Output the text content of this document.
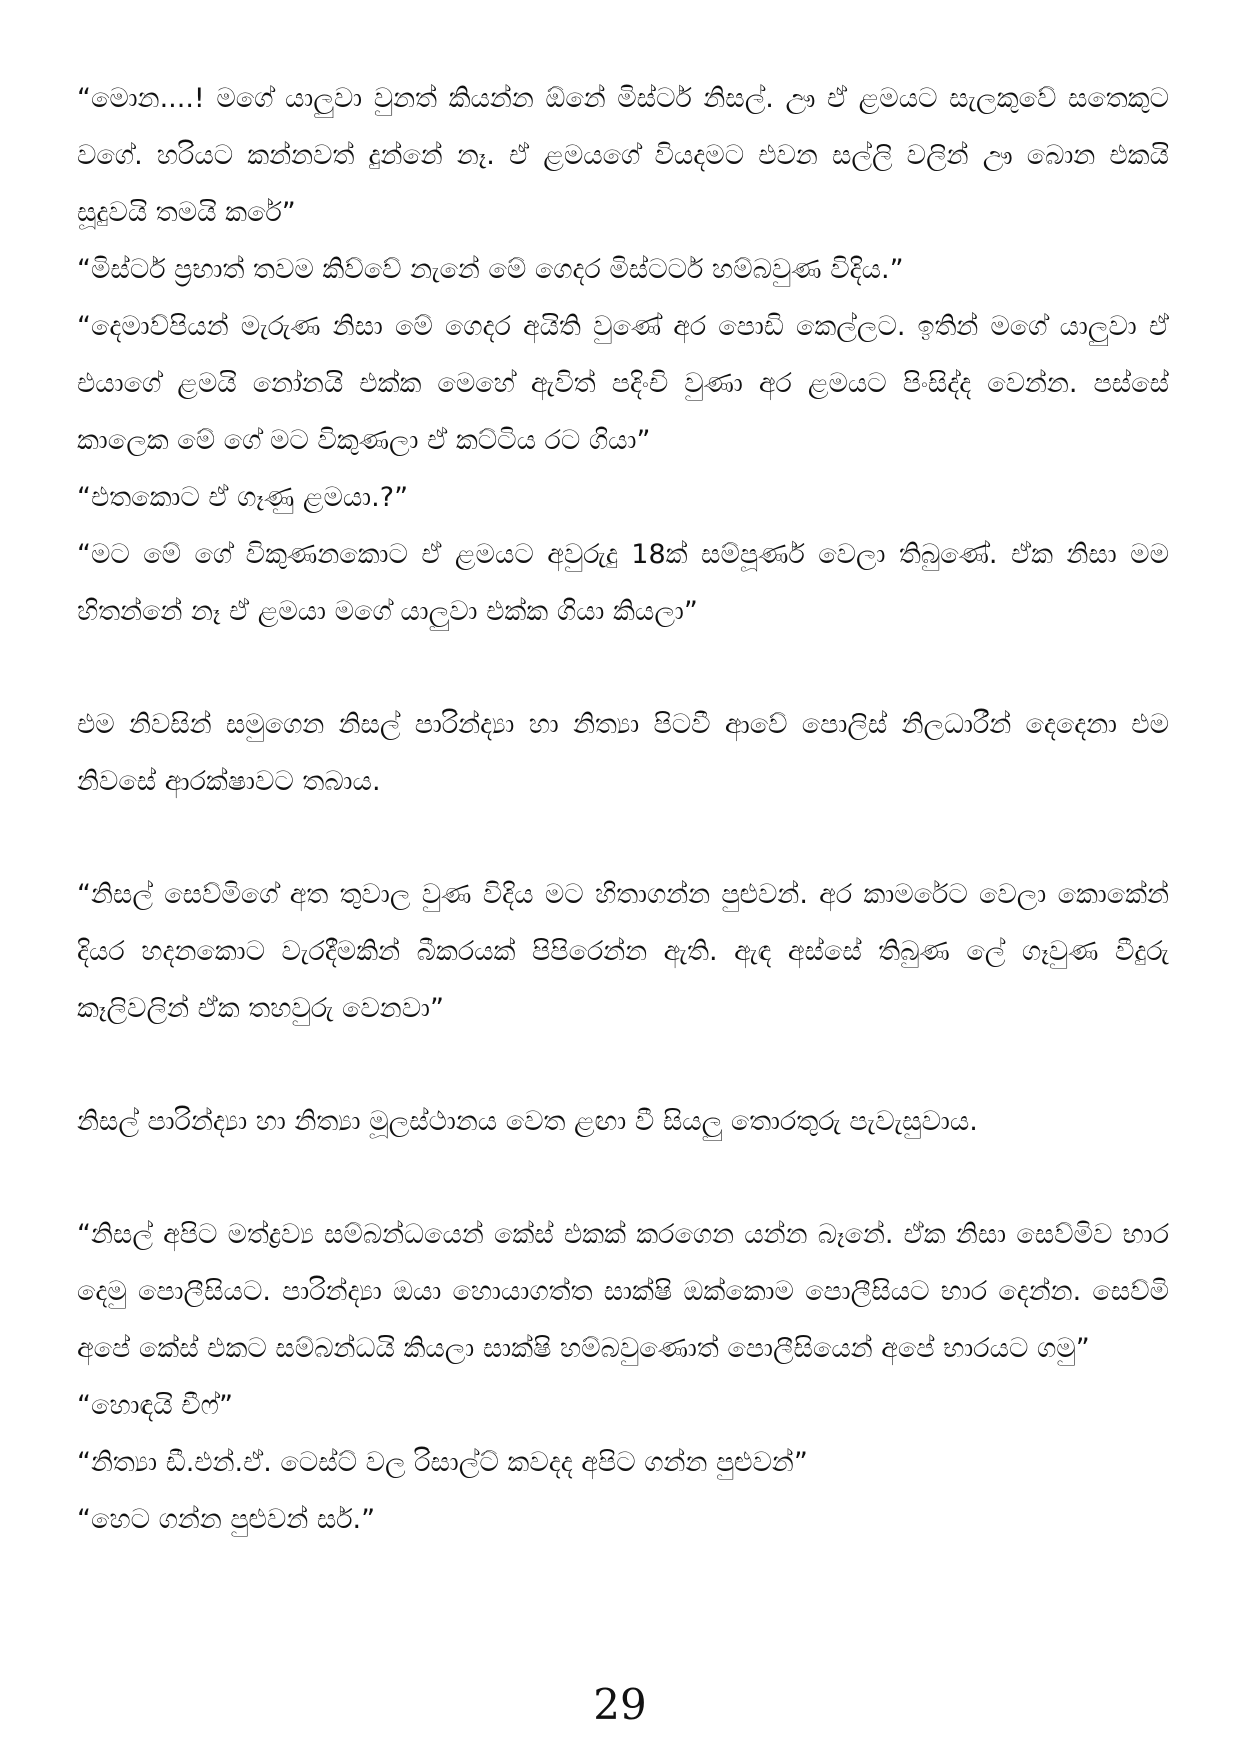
“මොන....! මගේ යාලුවා වුනත් කියන්න ඕනේ මිස්ටර් නිසල්. ඌ ඒ ළමයට සැලකුවේ සතෙකුට වගේ. හරියට කන්නවත් දුන්නේ නෑ. ඒ ළමයගේ වියදමට එවන සල්ලි වලින් ඌ බොන එකයි සූදුවයි තමයි කරේ”

“මිස්ටර් ප්‍රභාත් තවම කිව්වේ නැනේ මේ ගෙදර මිස්ටර්ට හම්බවුණ විදිය.”

“දෙමාව්පියන් මැරුණ නිසා මේ ගෙදර අයිති වුණේ අර පොඩි කෙල්ලට. ඉතින් මගේ යාලුවා ඒ එයාගේ ළමයි නෝනයි එක්ක මෙහේ ඇවිත් පදිංචි වුණා අර ළමයට පිංසිද්ද වෙන්න. පස්සේ කාලෙක මේ ගේ මට විකුණලා ඒ කට්ටිය රට ගියා”

“එතකොට ඒ ගෑණු ළමයා.?”

“මට මේ ගේ විකුණනකොට ඒ ළමයට අවුරුදු 18ක් සම්පූර්ණ වෙලා තිබුණේ. ඒක නිසා මම හිතන්නේ නෑ ඒ ළමයා මගේ යාලුවා එක්ක ගියා කියලා”

එම නිවසින් සමුගෙන නිසල් පාරින්ද්‍යා හා නිත්‍යා පිටවී ආවේ පොලිස් නිලධාරීන් දෙදෙනා එම නිවසේ ආරක්ෂාවට තබාය.

“නිසල් සෙව්මිගේ අත තුවාල වුණ විදිය මට හිතාගන්න පුළුවන්. අර කාමරේට වෙලා කොකේන් දියර හදනකොට වැරදීමකින් බීකරයක් පිපිරෙන්න ඇති. ඇඳ අස්සේ තිබුණ ලේ ගෑවුණ වීදුරු කෑලිවලින් ඒක තහවුරු වෙනවා”

නිසල් පාරින්ද්‍යා හා නිත්‍යා මූලස්ථානය වෙත ළඟා වී සියලු තොරතුරු පැවැසුවාය.

“නිසල් අපිට මත්ද්‍රව්‍ය සම්බන්ධයෙන් කේස් එකක් කරගෙන යන්න බෑනේ. ඒක නිසා සෙව්මිව භාර දෙමු පොලීසියට. පාරින්ද්‍යා ඔයා හොයාගත්ත සාක්ෂි ඔක්කොම පොලීසියට භාර දෙන්න. සෙව්මි අපේ කේස් එකට සම්බන්ධයි කියලා සාක්ෂි හම්බවුණොත් පොලීසියෙන් අපේ භාරයට ගමු”

“හොඳයි චීෆ්”

“නිත්‍යා ඩී.එන්.ඒ. ටෙස්ට් වල රිසාල්ට් කවදද අපිට ගන්න පුළුවන්”

“හෙට ගන්න පුළුවන් සර්.”

29
